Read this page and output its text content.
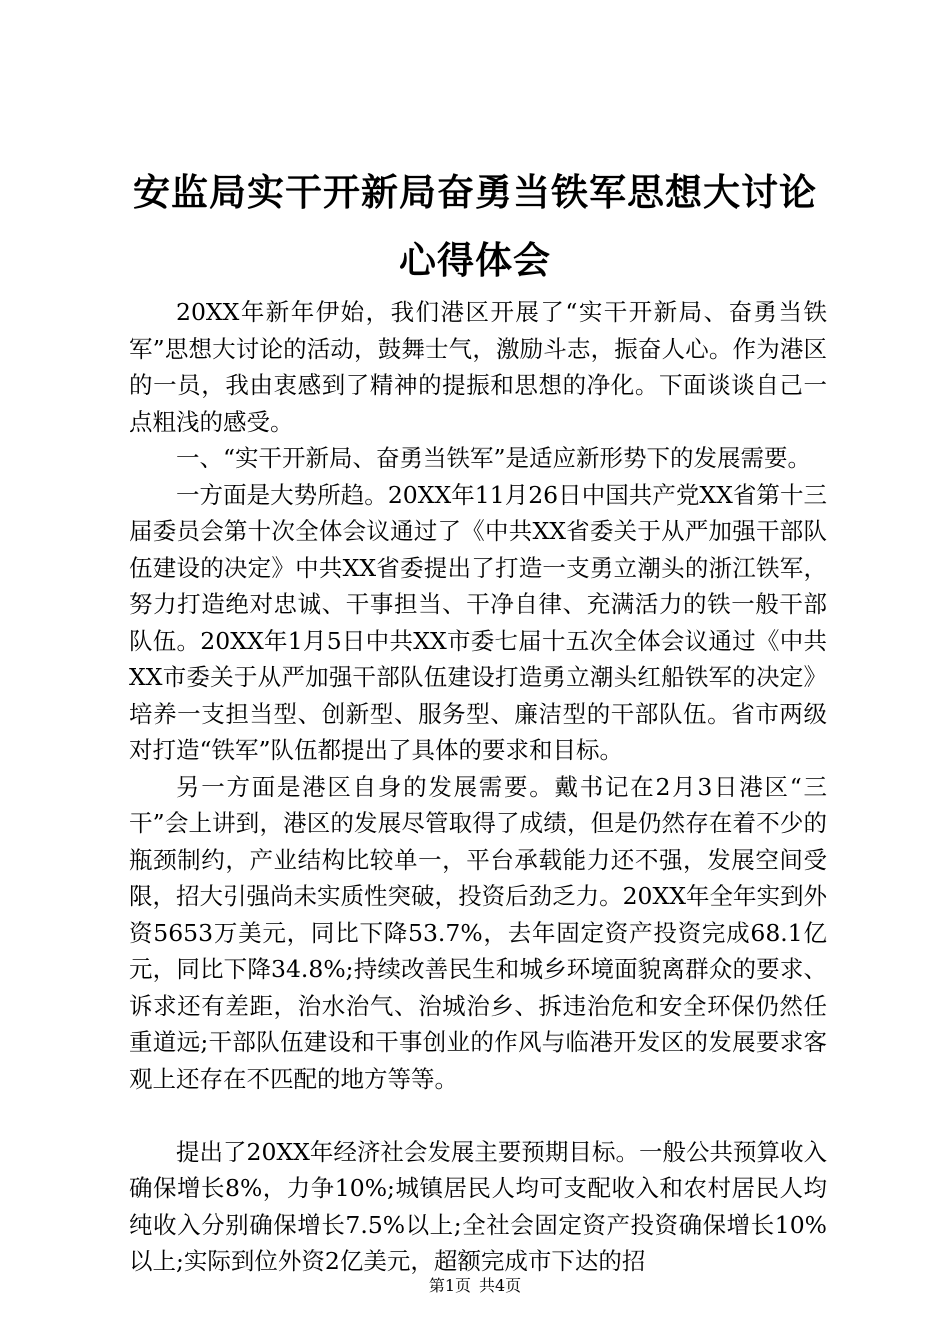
安监局实干开新局奋勇当铁军思想大讨论心得体会

20XX年新年伊始，我们港区开展了“实干开新局、奋勇当铁军”思想大讨论的活动，鼓舞士气，激励斗志，振奋人心。作为港区的一员，我由衷感到了精神的提振和思想的净化。下面谈谈自己一点粗浅的感受。

一、“实干开新局、奋勇当铁军”是适应新形势下的发展需要。

一方面是大势所趋。20XX年11月26日中国共产党XX省第十三届委员会第十次全体会议通过了《中共XX省委关于从严加强干部队伍建设的决定》中共XX省委提出了打造一支勇立潮头的浙江铁军，努力打造绝对忠诚、干事担当、干净自律、充满活力的铁一般干部队伍。20XX年1月5日中共XX市委七届十五次全体会议通过《中共XX市委关于从严加强干部队伍建设打造勇立潮头红船铁军的决定》培养一支担当型、创新型、服务型、廉洁型的干部队伍。省市两级对打造“铁军”队伍都提出了具体的要求和目标。

另一方面是港区自身的发展需要。戴书记在2月3日港区“三干”会上讲到，港区的发展尽管取得了成绩，但是仍然存在着不少的瓶颈制约，产业结构比较单一，平台承载能力还不强，发展空间受限，招大引强尚未实质性突破，投资后劲乏力。20XX年全年实到外资5653万美元，同比下降53.7%，去年固定资产投资完成68.1亿元，同比下降34.8%;持续改善民生和城乡环境面貌离群众的要求、诉求还有差距，治水治气、治城治乡、拆违治危和安全环保仍然任重道远;干部队伍建设和干事创业的作风与临港开发区的发展要求客观上还存在不匹配的地方等等。

提出了20XX年经济社会发展主要预期目标。一般公共预算收入确保增长8%，力争10%;城镇居民人均可支配收入和农村居民人均纯收入分别确保增长7.5%以上;全社会固定资产投资确保增长10%以上;实际到位外资2亿美元，超额完成市下达的招

第1页 共4页
